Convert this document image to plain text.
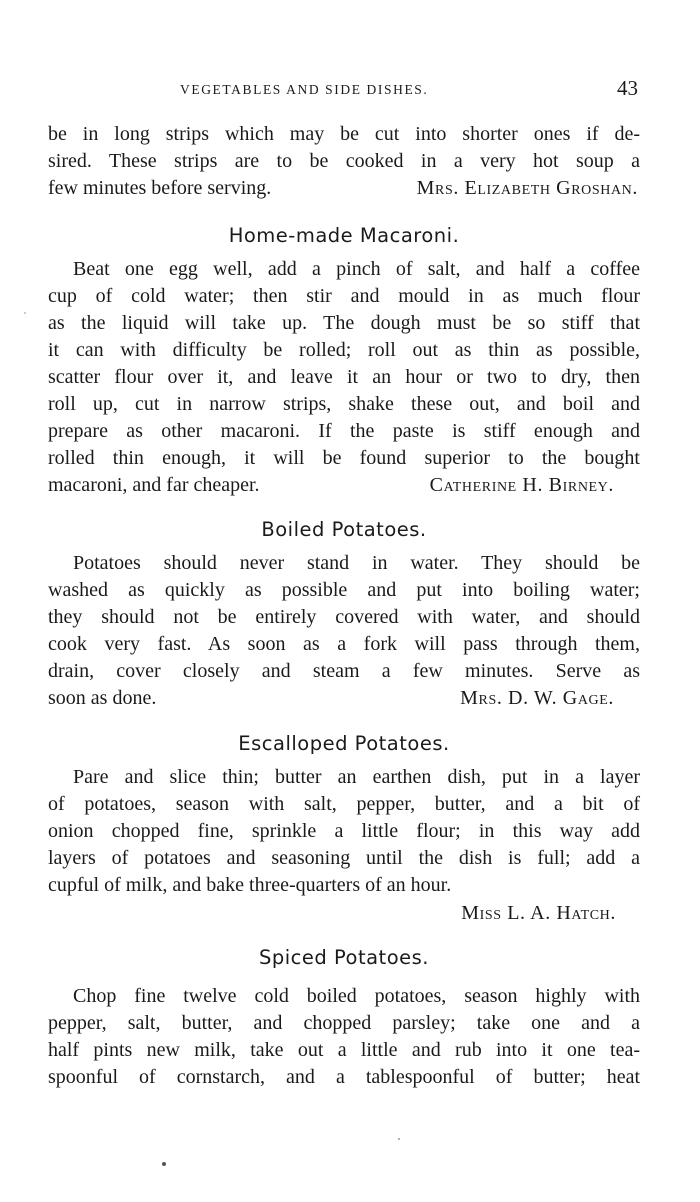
VEGETABLES AND SIDE DISHES.	43
be in long strips which may be cut into shorter ones if de-
sired. These strips are to be cooked in a very hot soup a
few minutes before serving.	Mrs. Elizabeth Groshan.
Home-made Macaroni.
Beat one egg well, add a pinch of salt, and half a coffee
cup of cold water; then stir and mould in as much flour
as the liquid will take up. The dough must be so stiff that
it can with difficulty be rolled; roll out as thin as possible,
scatter flour over it, and leave it an hour or two to dry, then
roll up, cut in narrow strips, shake these out, and boil and
prepare as other macaroni. If the paste is stiff enough and
rolled thin enough, it will be found superior to the bought
macaroni, and far cheaper.	Catherine H. Birney.
Boiled Potatoes.
Potatoes should never stand in water. They should be
washed as quickly as possible and put into boiling water;
they should not be entirely covered with water, and should
cook very fast. As soon as a fork will pass through them,
drain, cover closely and steam a few minutes. Serve as
soon as done.	Mrs. D. W. Gage.
Escalloped Potatoes.
Pare and slice thin; butter an earthen dish, put in a layer
of potatoes, season with salt, pepper, butter, and a bit of
onion chopped fine, sprinkle a little flour; in this way add
layers of potatoes and seasoning until the dish is full; add a
cupful of milk, and bake three-quarters of an hour.
Miss L. A. Hatch.
Spiced Potatoes.
Chop fine twelve cold boiled potatoes, season highly with
pepper, salt, butter, and chopped parsley; take one and a
half pints new milk, take out a little and rub into it one tea-
spoonful of cornstarch, and a tablespoonful of butter; heat
